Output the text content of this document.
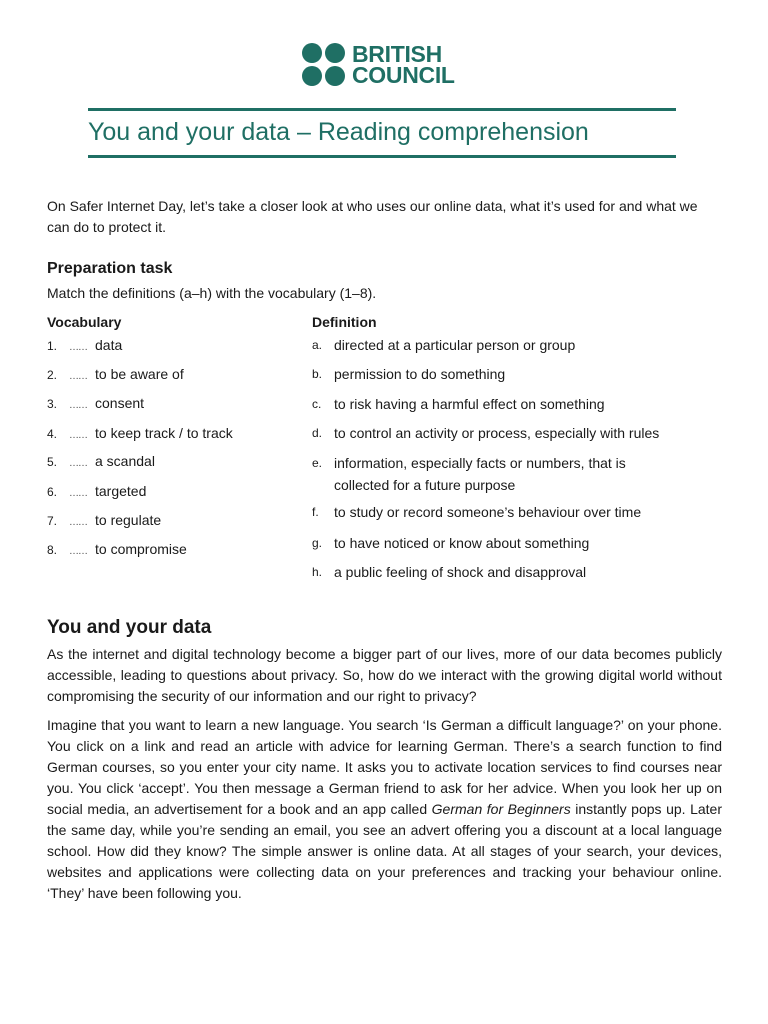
BRITISH
COUNCIL
You and your data – Reading comprehension

On Safer Internet Day, let’s take a closer look at who uses our online data, what it’s used for and what we can do to protect it.

Preparation task

Match the definitions (a–h) with the vocabulary (1–8).

Vocabulary	Definition
1. …… data
2. …… to be aware of
3. …… consent
4. …… to keep track / to track
5. …… a scandal
6. …… targeted
7. …… to regulate
8. …… to compromise
a. directed at a particular person or group
b. permission to do something
c. to risk having a harmful effect on something
d. to control an activity or process, especially with rules
e. information, especially facts or numbers, that is collected for a future purpose
f. to study or record someone’s behaviour over time
g. to have noticed or know about something
h. a public feeling of shock and disapproval
You and your data

As the internet and digital technology become a bigger part of our lives, more of our data becomes publicly accessible, leading to questions about privacy. So, how do we interact with the growing digital world without compromising the security of our information and our right to privacy?

Imagine that you want to learn a new language. You search ‘Is German a difficult language?’ on your phone. You click on a link and read an article with advice for learning German. There’s a search function to find German courses, so you enter your city name. It asks you to activate location services to find courses near you. You click ‘accept’. You then message a German friend to ask for her advice. When you look her up on social media, an advertisement for a book and an app called German for Beginners instantly pops up. Later the same day, while you’re sending an email, you see an advert offering you a discount at a local language school. How did they know? The simple answer is online data. At all stages of your search, your devices, websites and applications were collecting data on your preferences and tracking your behaviour online. ‘They’ have been following you.
